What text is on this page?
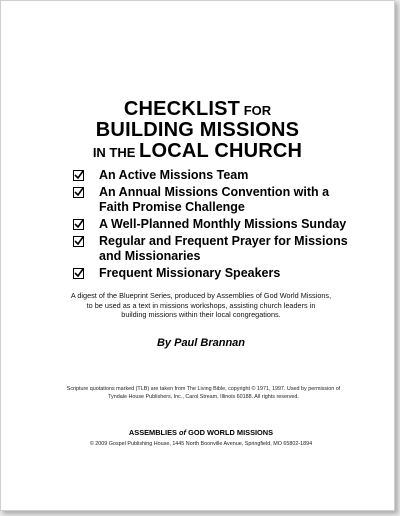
CHECKLIST FOR
BUILDING MISSIONS
IN THE LOCAL CHURCH
An Active Missions Team
An Annual Missions Convention with a
Faith Promise Challenge
A Well-Planned Monthly Missions Sunday
Regular and Frequent Prayer for Missions
and Missionaries
Frequent Missionary Speakers
A digest of the Blueprint Series, produced by Assemblies of God World Missions,
to be used as a text in missions workshops, assisting church leaders in
building missions within their local congregations.
By Paul Brannan
Scripture quotations marked (TLB) are taken from The Living Bible, copyright © 1971, 1997. Used by permission of
Tyndale House Publishers, Inc., Carol Stream, Illinois 60188. All rights reserved.
ASSEMBLIES of GOD WORLD MISSIONS
© 2009 Gospel Publishing House, 1445 North Boonville Avenue, Springfield, MO 65802-1894
